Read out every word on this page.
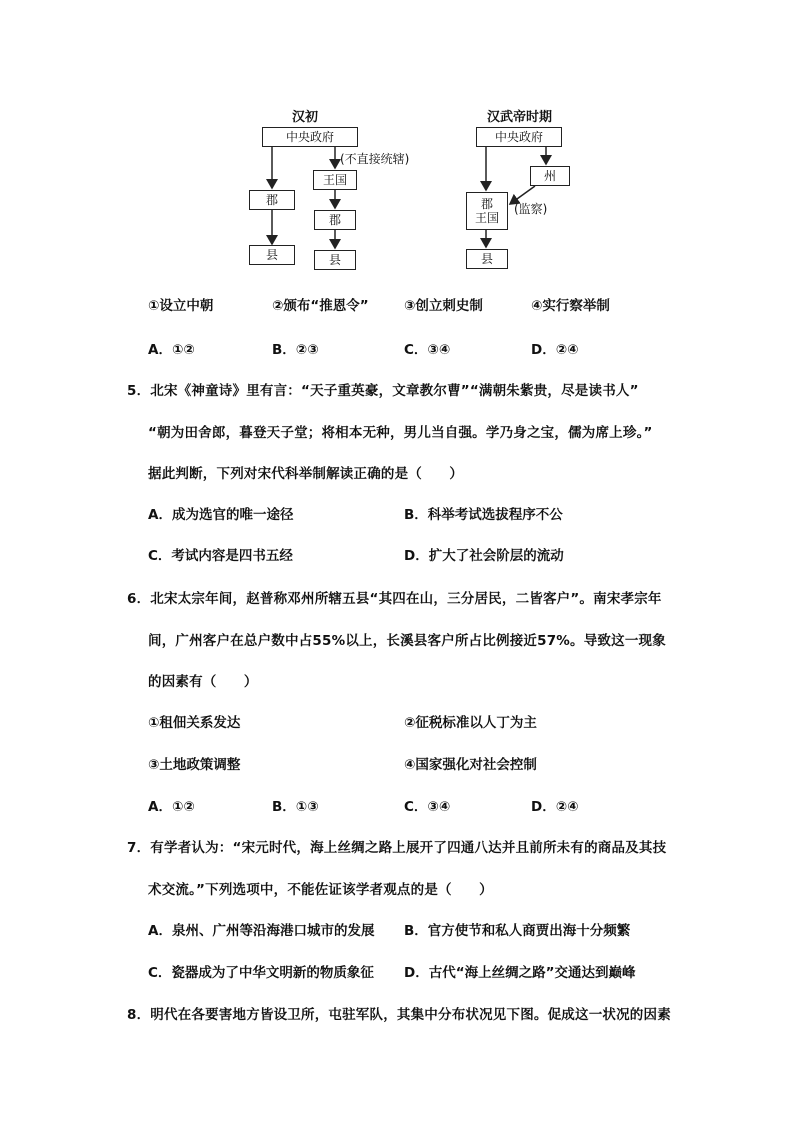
汉初
中央政府
(不直接统辖)
王国
郡
郡
县	县
汉武帝时期
中央政府
州
郡
王国
(监察)
县
①设立中朝	②颁布“推恩令”	③创立刺史制	④实行察举制
A．①②	B．②③	C．③④	D．②④
5．北宋《神童诗》里有言：“天子重英豪，文章教尔曹”“满朝朱紫贵，尽是读书人”
“朝为田舍郎，暮登天子堂；将相本无种，男儿当自强。学乃身之宝，儒为席上珍。”
据此判断，下列对宋代科举制解读正确的是（　　）
A．成为选官的唯一途径	B．科举考试选拔程序不公
C．考试内容是四书五经	D．扩大了社会阶层的流动
6．北宋太宗年间，赵普称邓州所辖五县“其四在山，三分居民，二皆客户”。南宋孝宗年
间，广州客户在总户数中占55%以上，长溪县客户所占比例接近57%。导致这一现象
的因素有（　　）
①租佃关系发达	②征税标准以人丁为主
③土地政策调整	④国家强化对社会控制
A．①②	B．①③	C．③④	D．②④
7．有学者认为：“宋元时代，海上丝绸之路上展开了四通八达并且前所未有的商品及其技
术交流。”下列选项中，不能佐证该学者观点的是（　　）
A．泉州、广州等沿海港口城市的发展 B．官方使节和私人商贾出海十分频繁
C．瓷器成为了中华文明新的物质象征 D．古代“海上丝绸之路”交通达到巅峰
8．明代在各要害地方皆设卫所，屯驻军队，其集中分布状况见下图。促成这一状况的因素
